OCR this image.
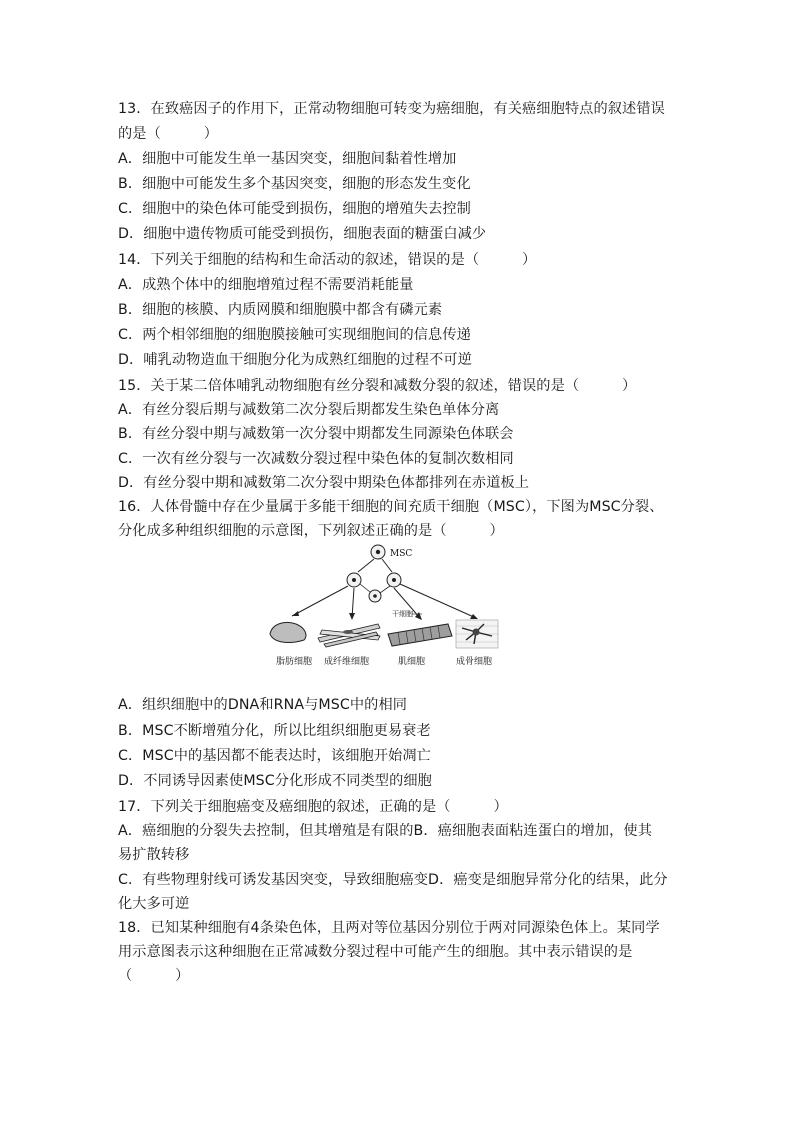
13．在致癌因子的作用下，正常动物细胞可转变为癌细胞，有关癌细胞特点的叙述错误
的是（　　　）
A．细胞中可能发生单一基因突变，细胞间黏着性增加
B．细胞中可能发生多个基因突变，细胞的形态发生变化
C．细胞中的染色体可能受到损伤，细胞的增殖失去控制
D．细胞中遗传物质可能受到损伤，细胞表面的糖蛋白减少
14．下列关于细胞的结构和生命活动的叙述，错误的是（　　　）
A．成熟个体中的细胞增殖过程不需要消耗能量
B．细胞的核膜、内质网膜和细胞膜中都含有磷元素
C．两个相邻细胞的细胞膜接触可实现细胞间的信息传递
D．哺乳动物造血干细胞分化为成熟红细胞的过程不可逆
15．关于某二倍体哺乳动物细胞有丝分裂和减数分裂的叙述，错误的是（　　　）
A．有丝分裂后期与减数第二次分裂后期都发生染色单体分离
B．有丝分裂中期与减数第一次分裂中期都发生同源染色体联会
C．一次有丝分裂与一次减数分裂过程中染色体的复制次数相同
D．有丝分裂中期和减数第二次分裂中期染色体都排列在赤道板上
16．人体骨髓中存在少量属于多能干细胞的间充质干细胞（MSC），下图为MSC分裂、
分化成多种组织细胞的示意图，下列叙述正确的是（　　　）
MSC
干细胞
脂肪细胞 成纤维细胞	肌细胞	成骨细胞
A．组织细胞中的DNA和RNA与MSC中的相同
B．MSC不断增殖分化，所以比组织细胞更易衰老
C．MSC中的基因都不能表达时，该细胞开始凋亡
D．不同诱导因素使MSC分化形成不同类型的细胞
17．下列关于细胞癌变及癌细胞的叙述，正确的是（　　　）
A．癌细胞的分裂失去控制，但其增殖是有限的B．癌细胞表面粘连蛋白的增加，使其
易扩散转移
C．有些物理射线可诱发基因突变，导致细胞癌变D．癌变是细胞异常分化的结果，此分
化大多可逆
18．已知某种细胞有4条染色体，且两对等位基因分别位于两对同源染色体上。某同学
用示意图表示这种细胞在正常减数分裂过程中可能产生的细胞。其中表示错误的是
（　　　）
